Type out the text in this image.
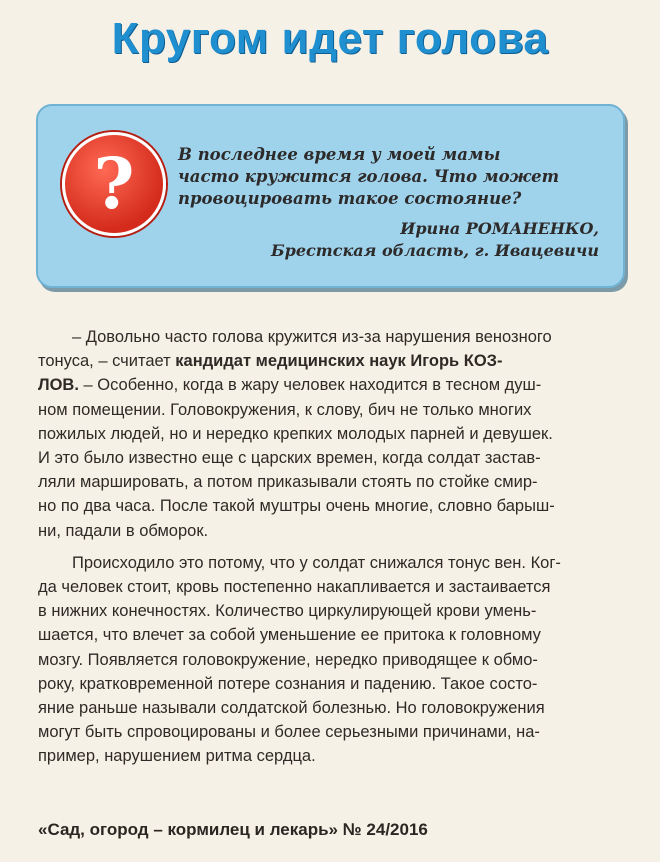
Кругом идет голова
?	В последнее время у моей мамы
часто кружится голова. Что может
провоцировать такое состояние?
Ирина РОМАНЕНКО,
Брестская область, г. Ивацевичи
– Довольно часто голова кружится из-за нарушения венозного
тонуса, – считает кандидат медицинских наук Игорь КОЗ-
ЛОВ. – Особенно, когда в жару человек находится в тесном душ-
ном помещении. Головокружения, к слову, бич не только многих
пожилых людей, но и нередко крепких молодых парней и девушек.
И это было известно еще с царских времен, когда солдат застав-
ляли маршировать, а потом приказывали стоять по стойке смир-
но по два часа. После такой муштры очень многие, словно барыш-
ни, падали в обморок.
Происходило это потому, что у солдат снижался тонус вен. Ког-
да человек стоит, кровь постепенно накапливается и застаивается
в нижних конечностях. Количество циркулирующей крови умень-
шается, что влечет за собой уменьшение ее притока к головному
мозгу. Появляется головокружение, нередко приводящее к обмо-
року, кратковременной потере сознания и падению. Такое состо-
яние раньше называли солдатской болезнью. Но головокружения
могут быть спровоцированы и более серьезными причинами, на-
пример, нарушением ритма сердца.
«Сад, огород – кормилец и лекарь» № 24/2016
